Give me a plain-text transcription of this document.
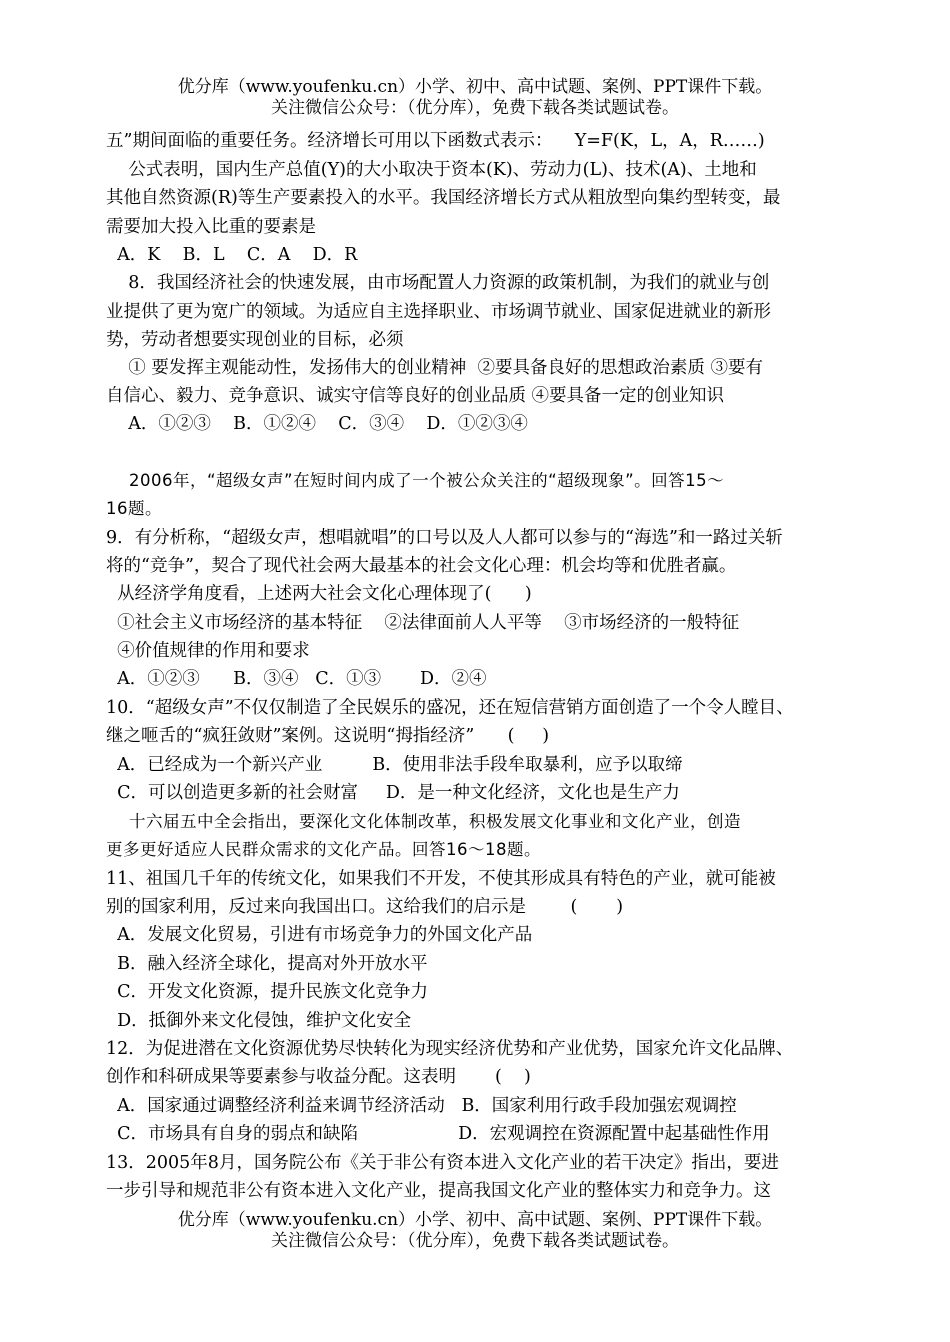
优分库（www.youfenku.cn）小学、初中、高中试题、案例、PPT课件下载。
关注微信公众号：（优分库），免费下载各类试题试卷。
五”期间面临的重要任务。经济增长可用以下函数式表示：    Y=F(K，L，A，R……)
公式表明，国内生产总值(Y)的大小取决于资本(K)、劳动力(L)、技术(A)、土地和
其他自然资源(R)等生产要素投入的水平。我国经济增长方式从粗放型向集约型转变，最
需要加大投入比重的要素是
A．K    B．L    C．A    D．R
8．我国经济社会的快速发展，由市场配置人力资源的政策机制，为我们的就业与创
业提供了更为宽广的领域。为适应自主选择职业、市场调节就业、国家促进就业的新形
势，劳动者想要实现创业的目标，必须
① 要发挥主观能动性，发扬伟大的创业精神  ②要具备良好的思想政治素质 ③要有
自信心、毅力、竞争意识、诚实守信等良好的创业品质 ④要具备一定的创业知识
A．①②③    B．①②④    C．③④    D．①②③④
2006年，“超级女声”在短时间内成了一个被公众关注的“超级现象”。回答15～
16题。
9．有分析称，“超级女声，想唱就唱”的口号以及人人都可以参与的“海选”和一路过关斩
将的“竞争”，契合了现代社会两大最基本的社会文化心理：机会均等和优胜者赢。
从经济学角度看，上述两大社会文化心理体现了(      )
①社会主义市场经济的基本特征    ②法律面前人人平等    ③市场经济的一般特征
④价值规律的作用和要求
A．①②③      B．③④   C．①③       D．②④
10．“超级女声”不仅仅制造了全民娱乐的盛况，还在短信营销方面创造了一个令人瞠目、
继之咂舌的“疯狂敛财”案例。这说明“拇指经济”      (     )
A．已经成为一个新兴产业         B．使用非法手段牟取暴利，应予以取缔
C．可以创造更多新的社会财富     D．是一种文化经济，文化也是生产力
十六届五中全会指出，要深化文化体制改革，积极发展文化事业和文化产业，创造
更多更好适应人民群众需求的文化产品。回答16～18题。
11、祖国几千年的传统文化，如果我们不开发，不使其形成具有特色的产业，就可能被
别的国家利用，反过来向我国出口。这给我们的启示是        (       )
A．发展文化贸易，引进有市场竞争力的外国文化产品
B．融入经济全球化，提高对外开放水平
C．开发文化资源，提升民族文化竞争力
D．抵御外来文化侵蚀，维护文化安全
12．为促进潜在文化资源优势尽快转化为现实经济优势和产业优势，国家允许文化品牌、
创作和科研成果等要素参与收益分配。这表明       (    )
A．国家通过调整经济利益来调节经济活动   B．国家利用行政手段加强宏观调控
C．市场具有自身的弱点和缺陷                  D．宏观调控在资源配置中起基础性作用
13．2005年8月，国务院公布《关于非公有资本进入文化产业的若干决定》指出，要进
一步引导和规范非公有资本进入文化产业，提高我国文化产业的整体实力和竞争力。这
优分库（www.youfenku.cn）小学、初中、高中试题、案例、PPT课件下载。
关注微信公众号：（优分库），免费下载各类试题试卷。
